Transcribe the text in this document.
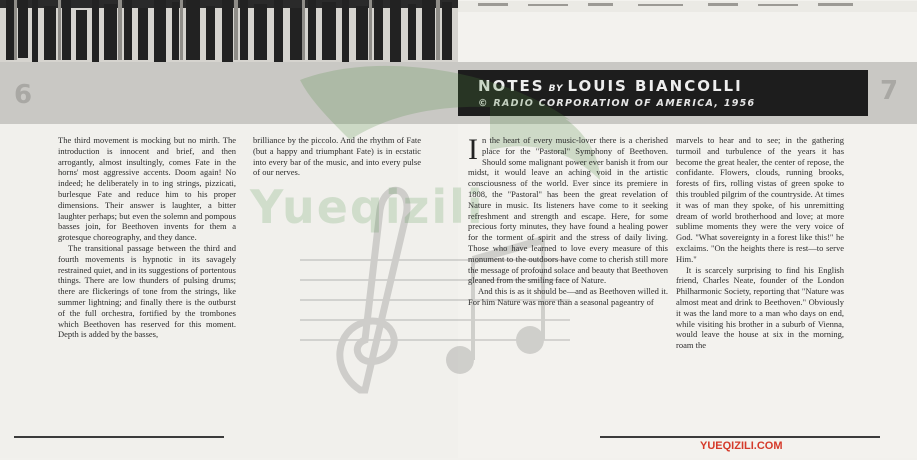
6	7
NOTES BY LOUIS BIANCOLLI
© RADIO CORPORATION OF AMERICA, 1956
Yueqizili

The third movement is mocking but no mirth. The introduction is innocent and brief, and then arrogantly, almost insultingly, comes Fate in the horns' most aggressive accents. Doom again! No indeed; he deliberately in to ing strings, pizzicati, burlesque Fate and reduce him to his proper dimensions. Their answer is laughter, a bitter laughter perhaps; but even the solemn and pompous basses join, for Beethoven invents for them a grotesque choreography, and they dance.

The transitional passage between the third and fourth movements is hypnotic in its savagely restrained quiet, and in its suggestions of portentous things. There are low thunders of pulsing drums; there are flickerings of tone from the strings, like summer lightning; and finally there is the outburst of the full orchestra, fortified by the trombones which Beethoven has reserved for this moment. Depth is added by the basses,

brilliance by the piccolo. And the rhythm of Fate (but a happy and triumphant Fate) is in ecstatic into every bar of the music, and into every pulse of our nerves.

I n the heart of every music-lover there is a cherished place for the "Pastoral" Symphony of Beethoven. Should some malignant power ever banish it from our midst, it would leave an aching void in the artistic consciousness of the world. Ever since its premiere in 1808, the "Pastoral" has been the great revelation of Nature in music. Its listeners have come to it seeking refreshment and strength and escape. Here, for some precious forty minutes, they have found a healing power for the torment of spirit and the stress of daily living. Those who have learned to love every measure of this monument to the outdoors have come to cherish still more the message of profound solace and beauty that Beethoven gleaned from the smiling face of Nature.

And this is as it should be—and as Beethoven willed it. For him Nature was more than a seasonal pageantry of

marvels to hear and to see; in the gathering turmoil and turbulence of the years it has become the great healer, the center of repose, the confidante. Flowers, clouds, running brooks, forests of firs, rolling vistas of green spoke to this troubled pilgrim of the countryside. At times it was of man they spoke, of his unremitting dream of world brotherhood and love; at more sublime moments they were the very voice of God. "What sovereignty in a forest like this!" he exclaims. "On the heights there is rest—to serve Him."

It is scarcely surprising to find his English friend, Charles Neate, founder of the London Philharmonic Society, reporting that "Nature was almost meat and drink to Beethoven." Obviously it was the land more to a man who days on end, while visiting his brother in a suburb of Vienna, would leave the house at six in the morning, roam the

YUEQIZILI.COM
